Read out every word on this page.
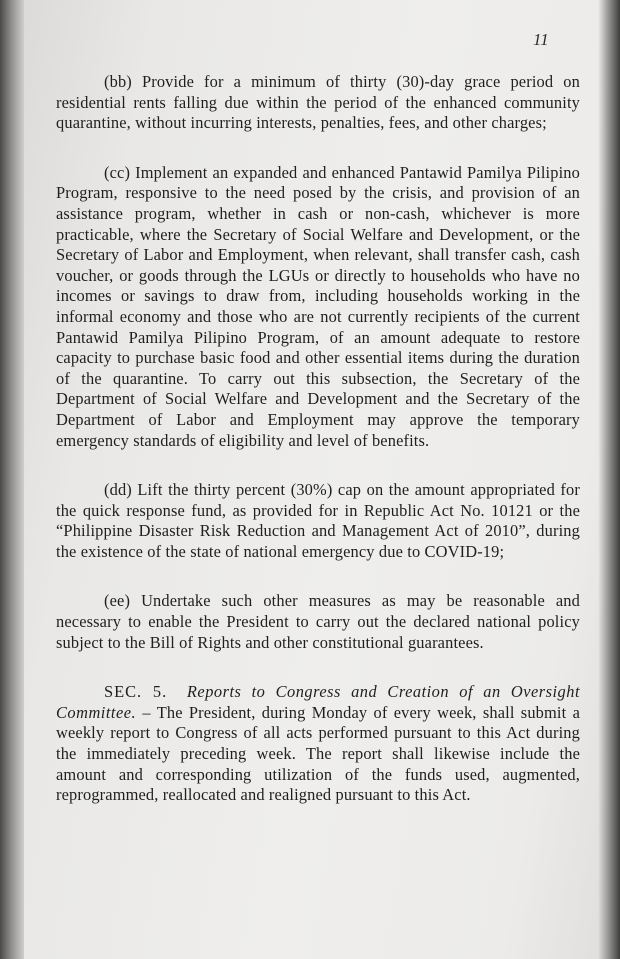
11

(bb) Provide for a minimum of thirty (30)-day grace period on residential rents falling due within the period of the enhanced community quarantine, without incurring interests, penalties, fees, and other charges;

(cc) Implement an expanded and enhanced Pantawid Pamilya Pilipino Program, responsive to the need posed by the crisis, and provision of an assistance program, whether in cash or non-cash, whichever is more practicable, where the Secretary of Social Welfare and Development, or the Secretary of Labor and Employment, when relevant, shall transfer cash, cash voucher, or goods through the LGUs or directly to households who have no incomes or savings to draw from, including households working in the informal economy and those who are not currently recipients of the current Pantawid Pamilya Pilipino Program, of an amount adequate to restore capacity to purchase basic food and other essential items during the duration of the quarantine. To carry out this subsection, the Secretary of the Department of Social Welfare and Development and the Secretary of the Department of Labor and Employment may approve the temporary emergency standards of eligibility and level of benefits.

(dd) Lift the thirty percent (30%) cap on the amount appropriated for the quick response fund, as provided for in Republic Act No. 10121 or the “Philippine Disaster Risk Reduction and Management Act of 2010”, during the existence of the state of national emergency due to COVID-19;

(ee) Undertake such other measures as may be reasonable and necessary to enable the President to carry out the declared national policy subject to the Bill of Rights and other constitutional guarantees.

SEC. 5. Reports to Congress and Creation of an Oversight Committee. – The President, during Monday of every week, shall submit a weekly report to Congress of all acts performed pursuant to this Act during the immediately preceding week. The report shall likewise include the amount and corresponding utilization of the funds used, augmented, reprogrammed, reallocated and realigned pursuant to this Act.
